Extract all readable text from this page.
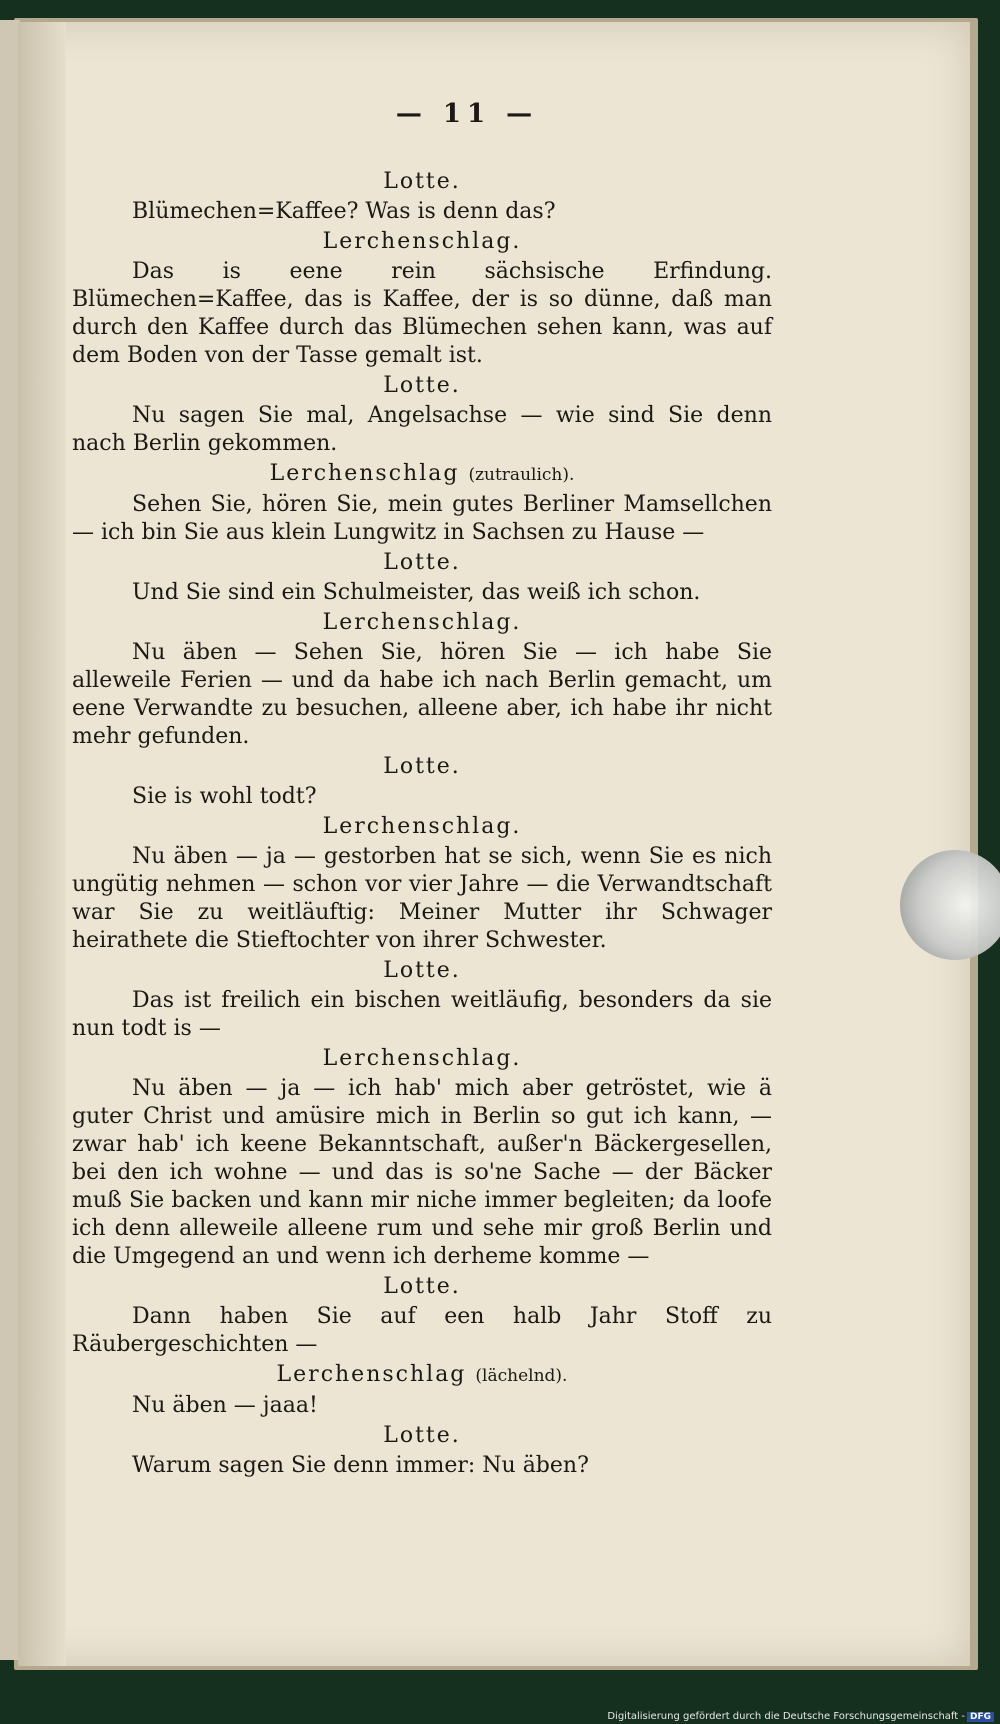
— 11 —
Lotte.
Blümechen=Kaffee? Was is denn das?
Lerchenschlag.
Das is eene rein sächsische Erfindung. Blümechen=Kaffee, das is Kaffee, der is so dünne, daß man durch den Kaffee durch das Blümechen sehen kann, was auf dem Boden von der Tasse gemalt ist.
Lotte.
Nu sagen Sie mal, Angelsachse — wie sind Sie denn nach Berlin gekommen.
Lerchenschlag (zutraulich).
Sehen Sie, hören Sie, mein gutes Berliner Mamsellchen — ich bin Sie aus klein Lungwitz in Sachsen zu Hause —
Lotte.
Und Sie sind ein Schulmeister, das weiß ich schon.
Lerchenschlag.
Nu äben — Sehen Sie, hören Sie — ich habe Sie alleweile Ferien — und da habe ich nach Berlin gemacht, um eene Verwandte zu besuchen, alleene aber, ich habe ihr nicht mehr gefunden.
Lotte.
Sie is wohl todt?
Lerchenschlag.
Nu äben — ja — gestorben hat se sich, wenn Sie es nich ungütig nehmen — schon vor vier Jahre — die Verwandtschaft war Sie zu weitläuftig: Meiner Mutter ihr Schwager heirathete die Stieftochter von ihrer Schwester.
Lotte.
Das ist freilich ein bischen weitläufig, besonders da sie nun todt is —
Lerchenschlag.
Nu äben — ja — ich hab' mich aber getröstet, wie ä guter Christ und amüsire mich in Berlin so gut ich kann, — zwar hab' ich keene Bekanntschaft, außer'n Bäckergesellen, bei den ich wohne — und das is so'ne Sache — der Bäcker muß Sie backen und kann mir niche immer begleiten; da loofe ich denn alleweile alleene rum und sehe mir groß Berlin und die Umgegend an und wenn ich derheme komme —
Lotte.
Dann haben Sie auf een halb Jahr Stoff zu Räubergeschichten —
Lerchenschlag (lächelnd).
Nu äben — jaaa!
Lotte.
Warum sagen Sie denn immer: Nu äben?
Digitalisierung gefördert durch die Deutsche Forschungsgemeinschaft - DFG
